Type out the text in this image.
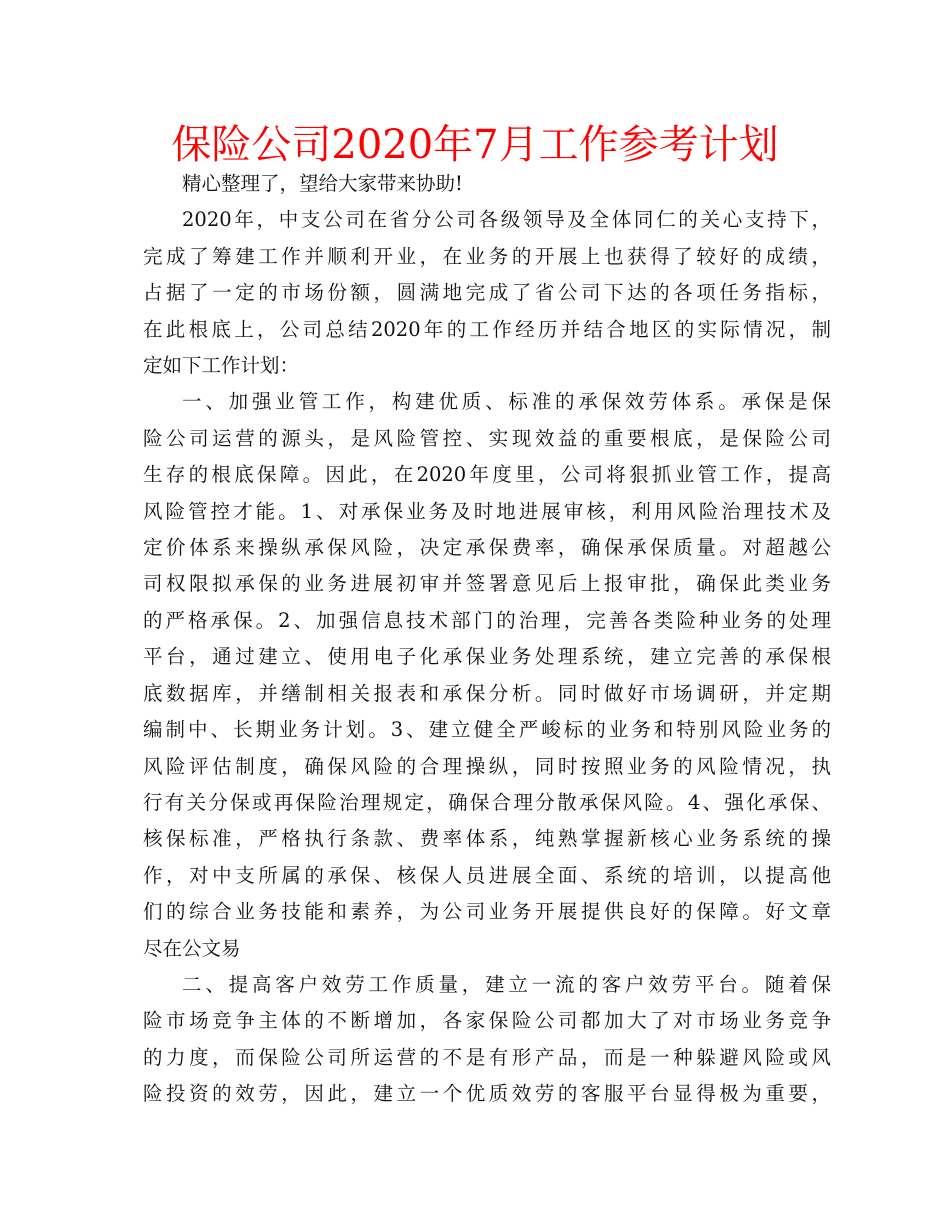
保险公司2020年7月工作参考计划
精心整理了，望给大家带来协助!
2020年，中支公司在省分公司各级领导及全体同仁的关心支持下，
完成了筹建工作并顺利开业，在业务的开展上也获得了较好的成绩，
占据了一定的市场份额，圆满地完成了省公司下达的各项任务指标，
在此根底上，公司总结2020年的工作经历并结合地区的实际情况，制
定如下工作计划：
一、加强业管工作，构建优质、标准的承保效劳体系。承保是保
险公司运营的源头，是风险管控、实现效益的重要根底，是保险公司
生存的根底保障。因此，在2020年度里，公司将狠抓业管工作，提高
风险管控才能。1、对承保业务及时地进展审核，利用风险治理技术及
定价体系来操纵承保风险，决定承保费率，确保承保质量。对超越公
司权限拟承保的业务进展初审并签署意见后上报审批，确保此类业务
的严格承保。2、加强信息技术部门的治理，完善各类险种业务的处理
平台，通过建立、使用电子化承保业务处理系统，建立完善的承保根
底数据库，并缮制相关报表和承保分析。同时做好市场调研，并定期
编制中、长期业务计划。3、建立健全严峻标的业务和特别风险业务的
风险评估制度，确保风险的合理操纵，同时按照业务的风险情况，执
行有关分保或再保险治理规定，确保合理分散承保风险。4、强化承保、
核保标准，严格执行条款、费率体系，纯熟掌握新核心业务系统的操
作，对中支所属的承保、核保人员进展全面、系统的培训，以提高他
们的综合业务技能和素养，为公司业务开展提供良好的保障。好文章
尽在公文易
二、提高客户效劳工作质量，建立一流的客户效劳平台。随着保
险市场竞争主体的不断增加，各家保险公司都加大了对市场业务竞争
的力度，而保险公司所运营的不是有形产品，而是一种躲避风险或风
险投资的效劳，因此，建立一个优质效劳的客服平台显得极为重要，
